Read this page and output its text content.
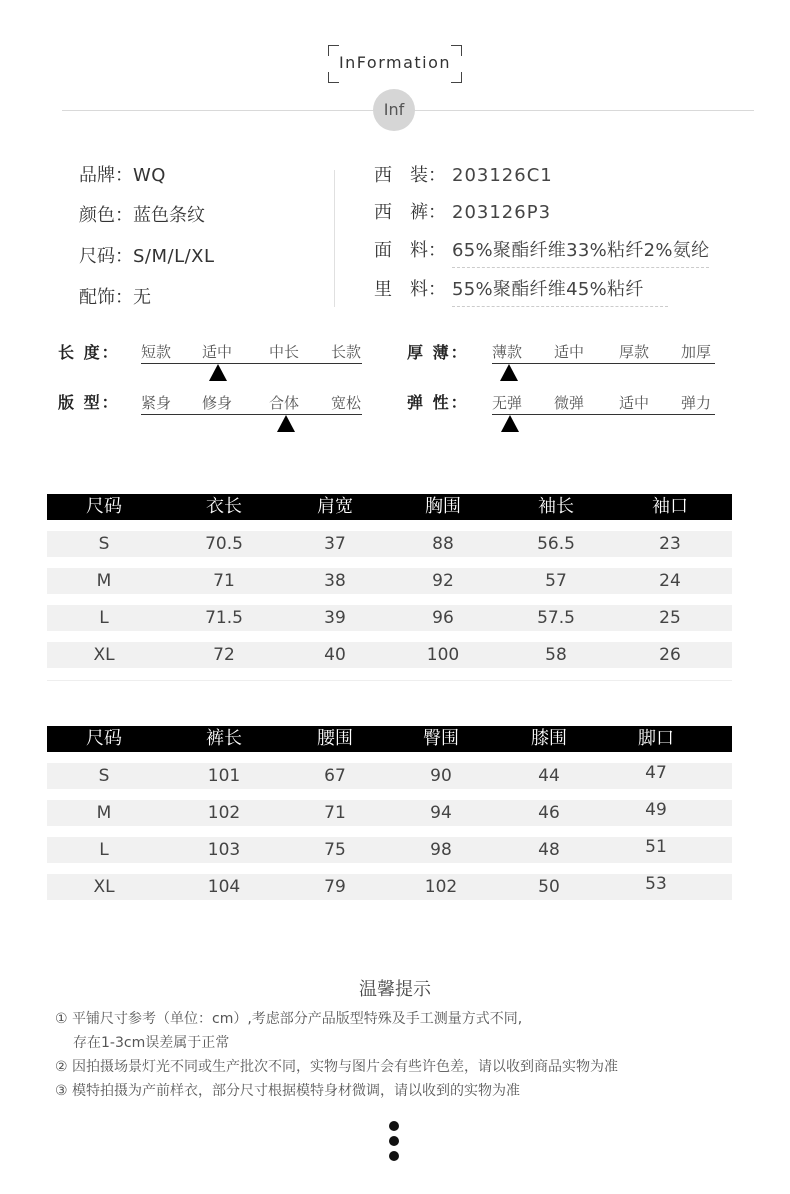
InFormation
Inf
品牌：WQ
颜色：蓝色条纹
尺码：S/M/L/XL
配饰：无
西　装： 203126C1
西　裤： 203126P3
面　料： 65%聚酯纤维33%粘纤2%氨纶
里　料： 55%聚酯纤维45%粘纤
长 度： 短款 适中 中长 长款	厚 薄： 薄款 适中 厚款 加厚
版 型： 紧身 修身 合体 宽松	弹 性： 无弹 微弹 适中 弹力
尺码	衣长	肩宽	胸围	袖长	袖口
S	70.5	37	88	56.5	23
M	71	38	92	57	24
L	71.5	39	96	57.5	25
XL	72	40	100	58	26
尺码	裤长	腰围	臀围	膝围	脚口
S	101	67	90	44	47
M	102	71	94	46	49
L	103	75	98	48	51
XL	104	79	102	50	53
温馨提示
① 平铺尺寸参考（单位：cm）,考虑部分产品版型特殊及手工测量方式不同,
存在1-3cm误差属于正常
② 因拍摄场景灯光不同或生产批次不同，实物与图片会有些许色差，请以收到商品实物为准
③ 模特拍摄为产前样衣，部分尺寸根据模特身材微调，请以收到的实物为准
